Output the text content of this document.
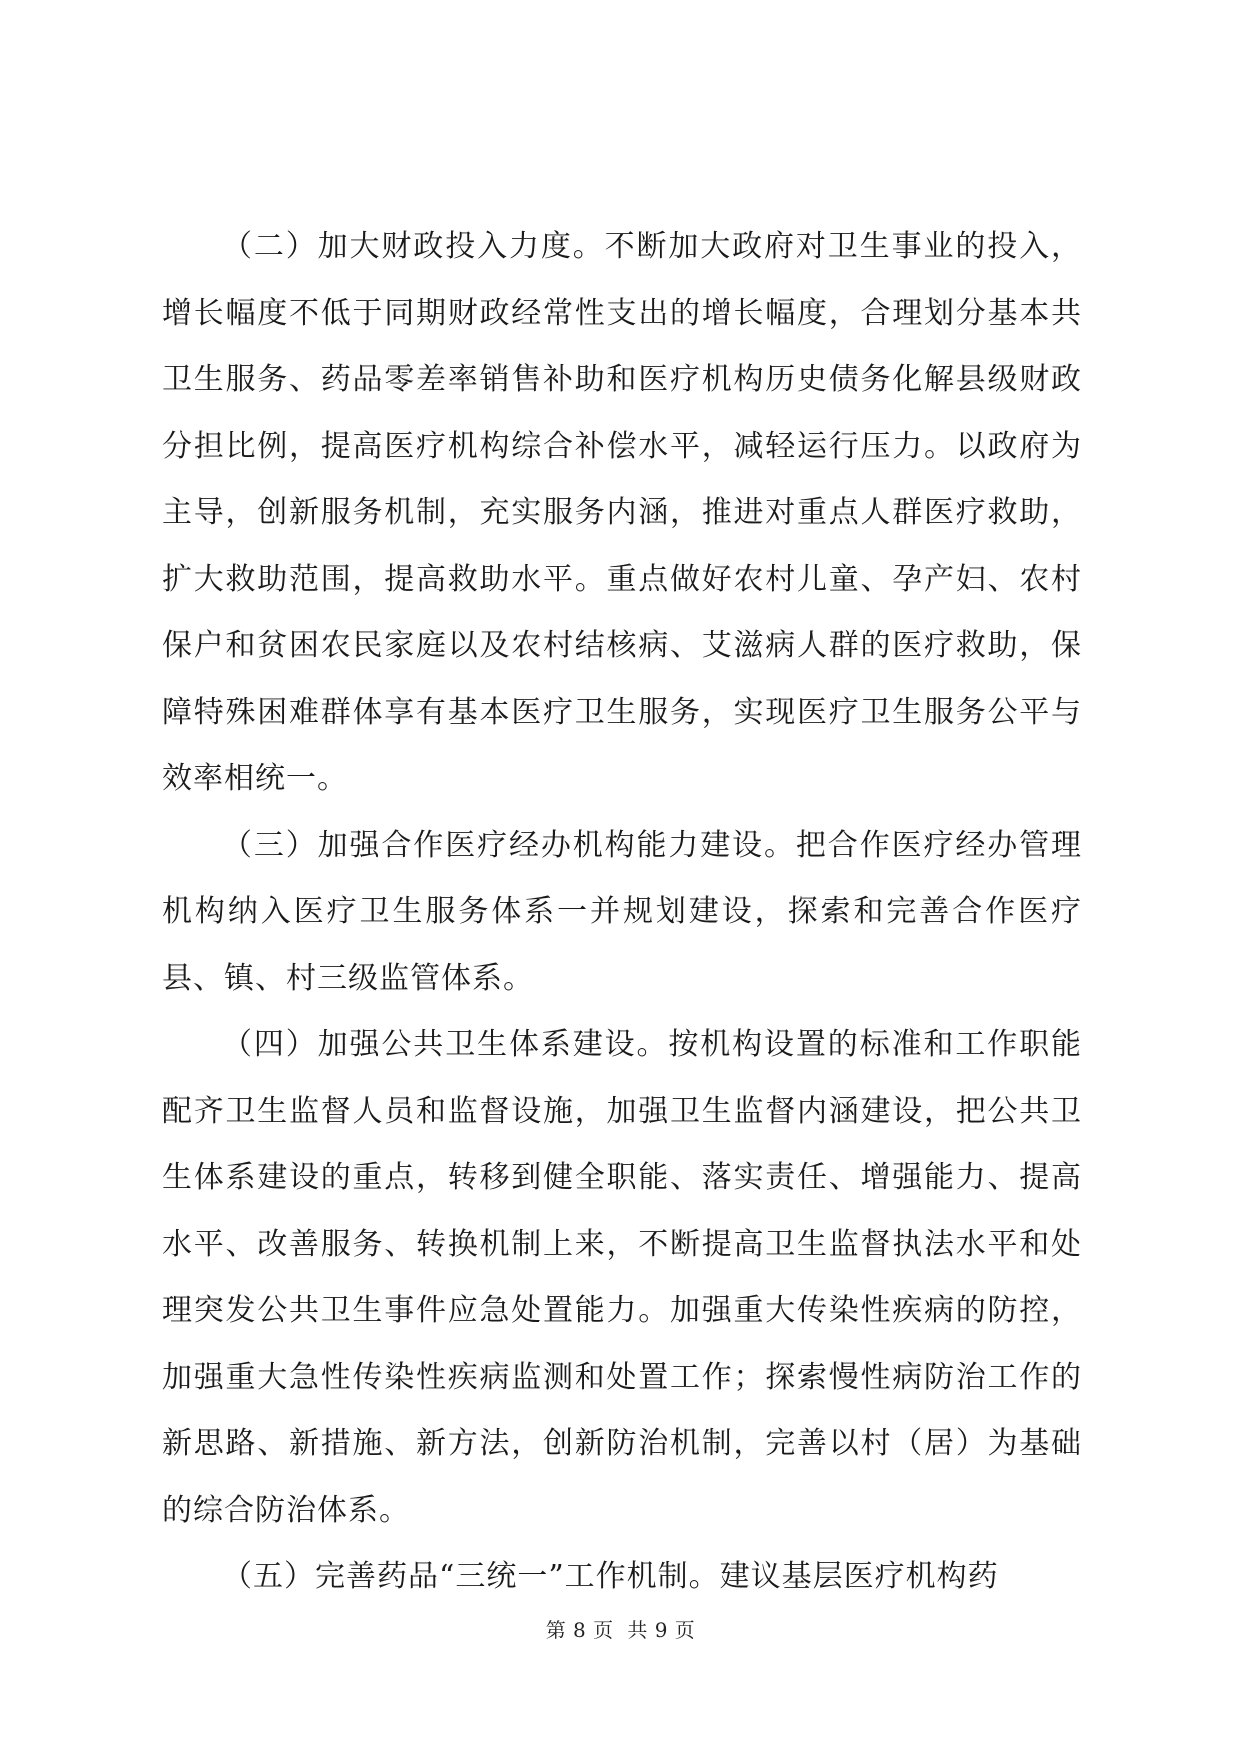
（二）加大财政投入力度。不断加大政府对卫生事业的投入，增长幅度不低于同期财政经常性支出的增长幅度，合理划分基本共卫生服务、药品零差率销售补助和医疗机构历史债务化解县级财政分担比例，提高医疗机构综合补偿水平，减轻运行压力。以政府为主导，创新服务机制，充实服务内涵，推进对重点人群医疗救助，扩大救助范围，提高救助水平。重点做好农村儿童、孕产妇、农村保户和贫困农民家庭以及农村结核病、艾滋病人群的医疗救助，保障特殊困难群体享有基本医疗卫生服务，实现医疗卫生服务公平与效率相统一。

（三）加强合作医疗经办机构能力建设。把合作医疗经办管理机构纳入医疗卫生服务体系一并规划建设，探索和完善合作医疗县、镇、村三级监管体系。

（四）加强公共卫生体系建设。按机构设置的标准和工作职能配齐卫生监督人员和监督设施，加强卫生监督内涵建设，把公共卫生体系建设的重点，转移到健全职能、落实责任、增强能力、提高水平、改善服务、转换机制上来，不断提高卫生监督执法水平和处理突发公共卫生事件应急处置能力。加强重大传染性疾病的防控，加强重大急性传染性疾病监测和处置工作；探索慢性病防治工作的新思路、新措施、新方法，创新防治机制，完善以村（居）为基础的综合防治体系。

（五）完善药品“三统一”工作机制。建议基层医疗机构药

第 8 页  共 9 页
